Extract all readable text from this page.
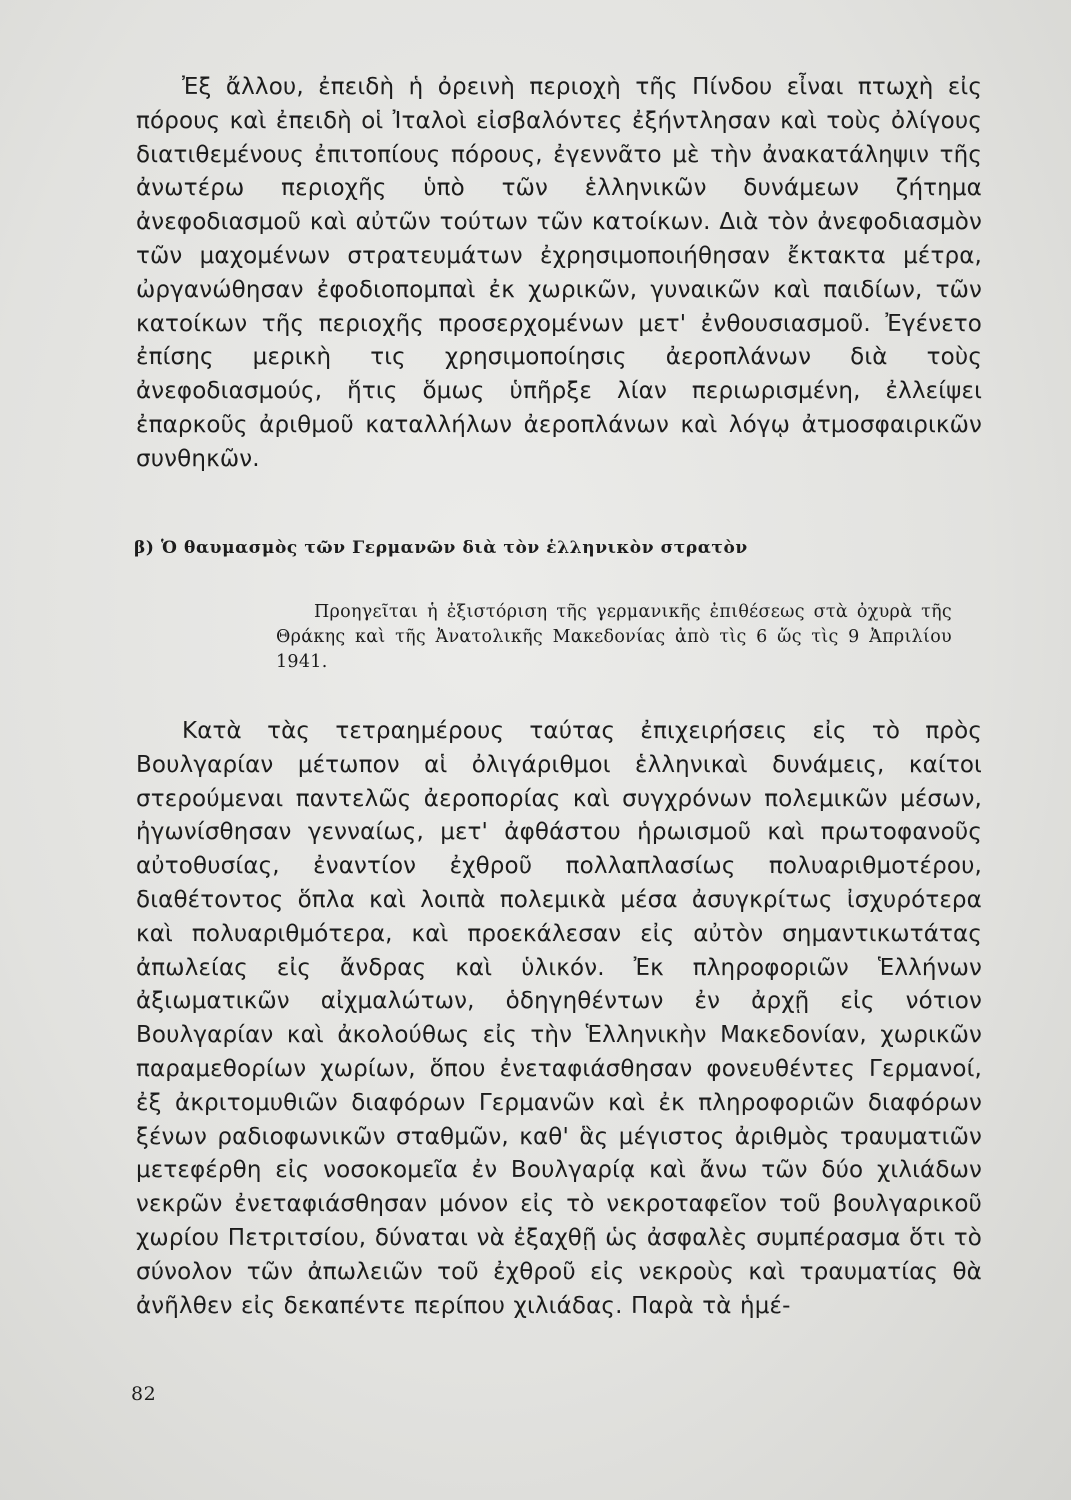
Ἐξ ἄλλου, ἐπειδὴ ἡ ὀρεινὴ περιοχὴ τῆς Πίνδου εἶναι πτωχὴ εἰς πόρους καὶ ἐπειδὴ οἱ Ἰταλοὶ εἰσβαλόντες ἐξήντλησαν καὶ τοὺς ὀλίγους διατιθεμένους ἐπιτοπίους πόρους, ἐγεννᾶτο μὲ τὴν ἀνακατάληψιν τῆς ἀνωτέρω περιοχῆς ὑπὸ τῶν ἑλληνικῶν δυνάμεων ζήτημα ἀνεφοδιασμοῦ καὶ αὐτῶν τούτων τῶν κατοίκων. Διὰ τὸν ἀνεφοδιασμὸν τῶν μαχομένων στρατευμάτων ἐχρησιμοποιήθησαν ἔκτακτα μέτρα, ὠργανώθησαν ἐφοδιοπομπαὶ ἐκ χωρικῶν, γυναικῶν καὶ παιδίων, τῶν κατοίκων τῆς περιοχῆς προσερχομένων μετ' ἐνθουσιασμοῦ. Ἐγένετο ἐπίσης μερικὴ τις χρησιμοποίησις ἀεροπλάνων διὰ τοὺς ἀνεφοδιασμούς, ἥτις ὅμως ὑπῆρξε λίαν περιωρισμένη, ἐλλείψει ἐπαρκοῦς ἀριθμοῦ καταλλήλων ἀεροπλάνων καὶ λόγῳ ἀτμοσφαιρικῶν συνθηκῶν.

β) Ὁ θαυμασμὸς τῶν Γερμανῶν διὰ τὸν ἑλληνικὸν στρατὸν

Προηγεῖται ἡ ἐξιστόριση τῆς γερμανικῆς ἐπιθέσεως στὰ ὀχυρὰ τῆς Θράκης καὶ τῆς Ἀνατολικῆς Μακεδονίας ἀπὸ τὶς 6 ὥς τὶς 9 Ἀπριλίου 1941.

Κατὰ τὰς τετραημέρους ταύτας ἐπιχειρήσεις εἰς τὸ πρὸς Βουλγαρίαν μέτωπον αἱ ὀλιγάριθμοι ἑλληνικαὶ δυνάμεις, καίτοι στερούμεναι παντελῶς ἀεροπορίας καὶ συγχρόνων πολεμικῶν μέσων, ἠγωνίσθησαν γενναίως, μετ' ἀφθάστου ἡρωισμοῦ καὶ πρωτοφανοῦς αὐτοθυσίας, ἐναντίον ἐχθροῦ πολλαπλασίως πολυαριθμοτέρου, διαθέτοντος ὅπλα καὶ λοιπὰ πολεμικὰ μέσα ἀσυγκρίτως ἰσχυρότερα καὶ πολυαριθμότερα, καὶ προεκάλεσαν εἰς αὐτὸν σημαντικωτάτας ἀπωλείας εἰς ἄνδρας καὶ ὑλικόν. Ἐκ πληροφοριῶν Ἑλλήνων ἀξιωματικῶν αἰχμαλώτων, ὁδηγηθέντων ἐν ἀρχῇ εἰς νότιον Βουλγαρίαν καὶ ἀκολούθως εἰς τὴν Ἑλληνικὴν Μακεδονίαν, χωρικῶν παραμεθορίων χωρίων, ὅπου ἐνεταφιάσθησαν φονευθέντες Γερμανοί, ἐξ ἀκριτομυθιῶν διαφόρων Γερμανῶν καὶ ἐκ πληροφοριῶν διαφόρων ξένων ραδιοφωνικῶν σταθμῶν, καθ' ἃς μέγιστος ἀριθμὸς τραυματιῶν μετεφέρθη εἰς νοσοκομεῖα ἐν Βουλγαρίᾳ καὶ ἄνω τῶν δύο χιλιάδων νεκρῶν ἐνεταφιάσθησαν μόνον εἰς τὸ νεκροταφεῖον τοῦ βουλγαρικοῦ χωρίου Πετριτσίου, δύναται νὰ ἐξαχθῇ ὡς ἀσφαλὲς συμπέρασμα ὅτι τὸ σύνολον τῶν ἀπωλειῶν τοῦ ἐχθροῦ εἰς νεκροὺς καὶ τραυματίας θὰ ἀνῆλθεν εἰς δεκαπέντε περίπου χιλιάδας. Παρὰ τὰ ἡμέ-

82
